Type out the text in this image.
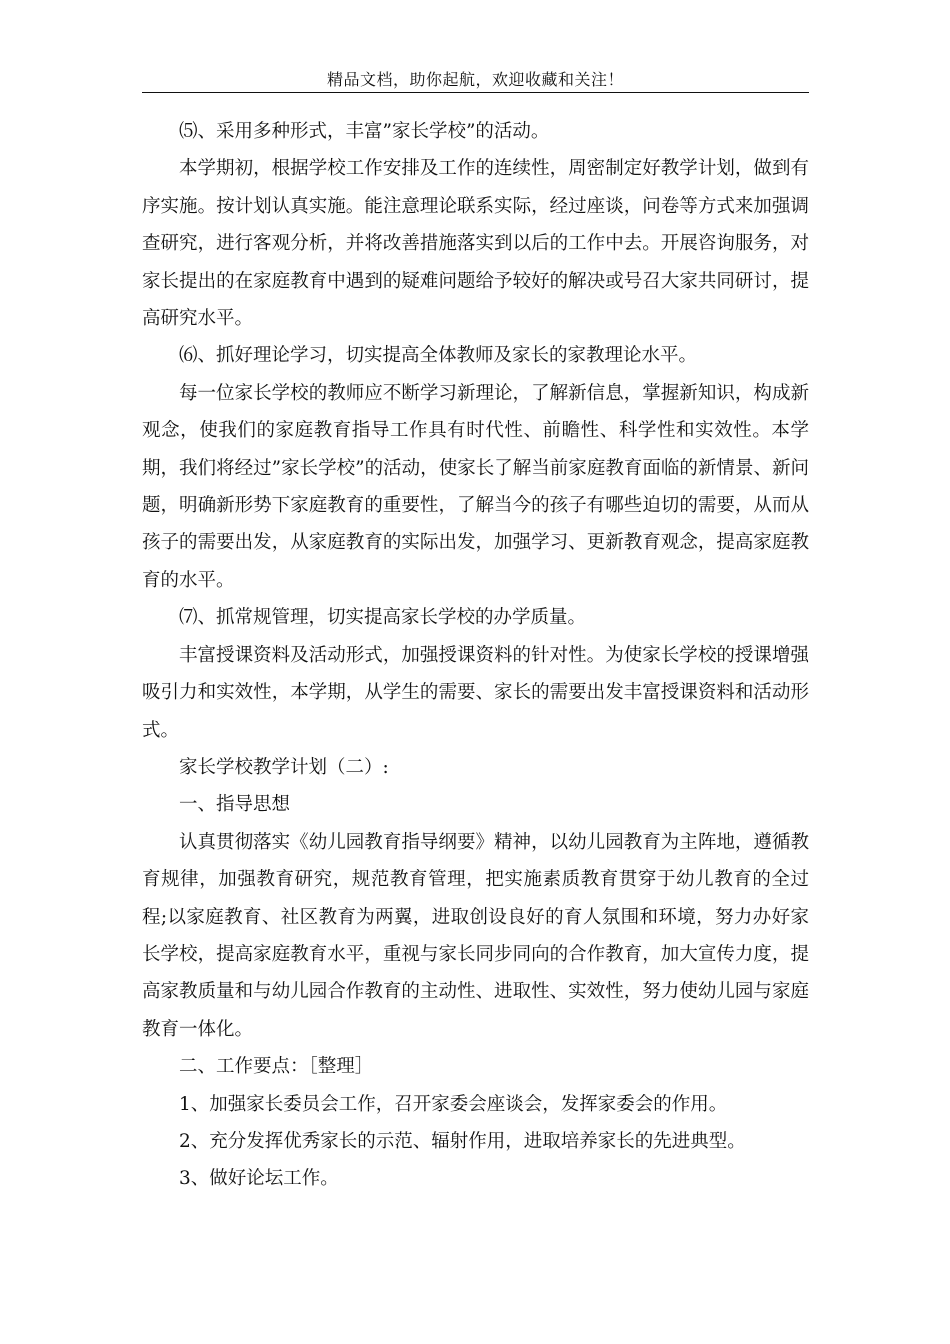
精品文档，助你起航，欢迎收藏和关注！

⑸、采用多种形式，丰富”家长学校”的活动。

本学期初，根据学校工作安排及工作的连续性，周密制定好教学计划，做到有序实施。按计划认真实施。能注意理论联系实际，经过座谈，问卷等方式来加强调查研究，进行客观分析，并将改善措施落实到以后的工作中去。开展咨询服务，对家长提出的在家庭教育中遇到的疑难问题给予较好的解决或号召大家共同研讨，提高研究水平。

⑹、抓好理论学习，切实提高全体教师及家长的家教理论水平。

每一位家长学校的教师应不断学习新理论，了解新信息，掌握新知识，构成新观念，使我们的家庭教育指导工作具有时代性、前瞻性、科学性和实效性。本学期，我们将经过”家长学校”的活动，使家长了解当前家庭教育面临的新情景、新问题，明确新形势下家庭教育的重要性，了解当今的孩子有哪些迫切的需要，从而从孩子的需要出发，从家庭教育的实际出发，加强学习、更新教育观念，提高家庭教育的水平。

⑺、抓常规管理，切实提高家长学校的办学质量。

丰富授课资料及活动形式，加强授课资料的针对性。为使家长学校的授课增强吸引力和实效性，本学期，从学生的需要、家长的需要出发丰富授课资料和活动形式。

家长学校教学计划（二）:

一、指导思想

认真贯彻落实《幼儿园教育指导纲要》精神，以幼儿园教育为主阵地，遵循教育规律，加强教育研究，规范教育管理，把实施素质教育贯穿于幼儿教育的全过程;以家庭教育、社区教育为两翼，进取创设良好的育人氛围和环境，努力办好家长学校，提高家庭教育水平，重视与家长同步同向的合作教育，加大宣传力度，提高家教质量和与幼儿园合作教育的主动性、进取性、实效性，努力使幼儿园与家庭教育一体化。

二、工作要点：［整理］

1、加强家长委员会工作，召开家委会座谈会，发挥家委会的作用。

2、充分发挥优秀家长的示范、辐射作用，进取培养家长的先进典型。

3、做好论坛工作。
